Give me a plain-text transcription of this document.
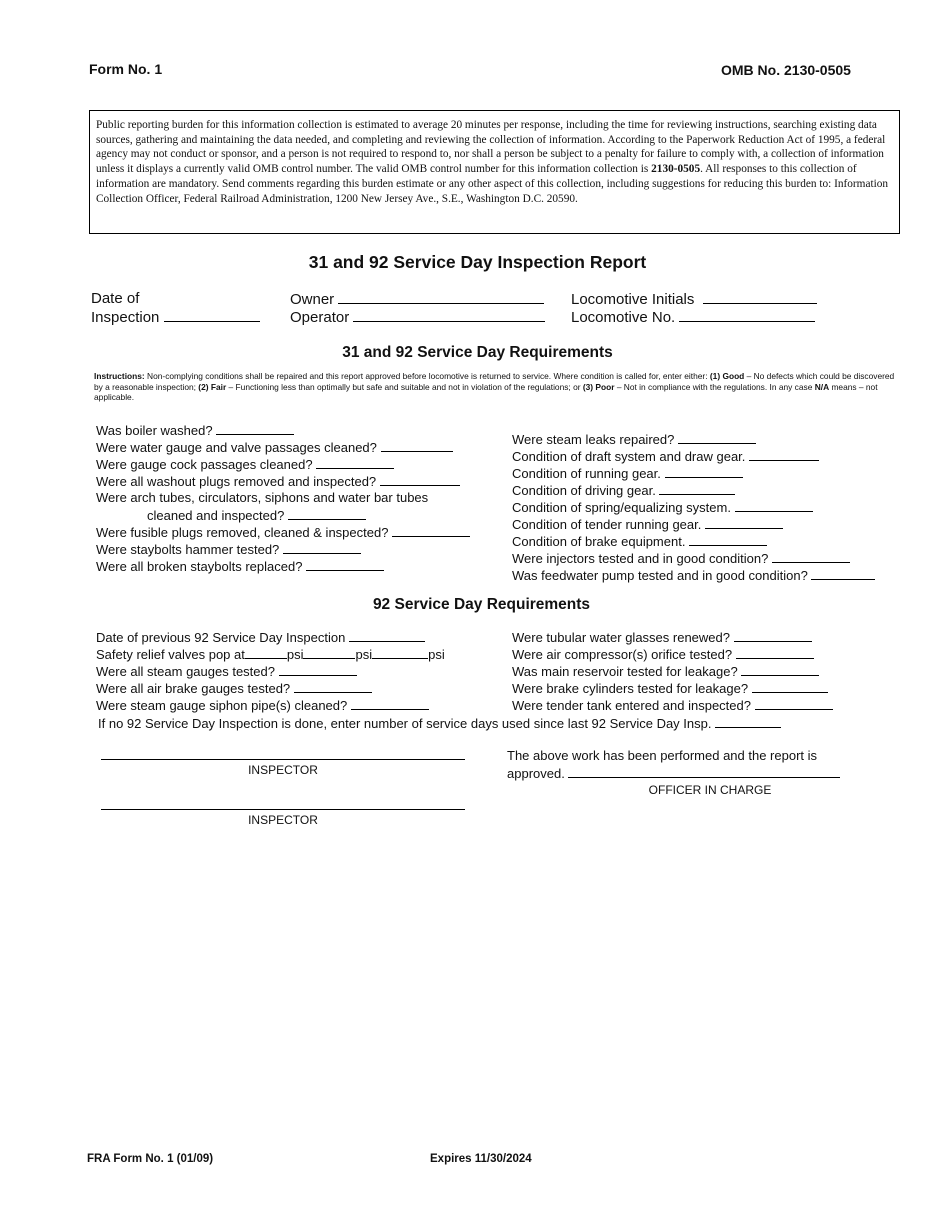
Form No. 1	OMB No. 2130-0505

Public reporting burden for this information collection is estimated to average 20 minutes per response, including the time for reviewing instructions, searching existing data sources, gathering and maintaining the data needed, and completing and reviewing the collection of information. According to the Paperwork Reduction Act of 1995, a federal agency may not conduct or sponsor, and a person is not required to respond to, nor shall a person be subject to a penalty for failure to comply with, a collection of information unless it displays a currently valid OMB control number. The valid OMB control number for this information collection is 2130-0505. All responses to this collection of information are mandatory. Send comments regarding this burden estimate or any other aspect of this collection, including suggestions for reducing this burden to: Information Collection Officer, Federal Railroad Administration, 1200 New Jersey Ave., S.E., Washington D.C. 20590.

31 and 92 Service Day Inspection Report
Date of
Inspection
Owner
Operator
Locomotive Initials
Locomotive No.
31 and 92 Service Day Requirements
Instructions: Non-complying conditions shall be repaired and this report approved before locomotive is returned to service. Where condition is called for, enter either: (1) Good – No defects which could be discovered by a reasonable inspection; (2) Fair – Functioning less than optimally but safe and suitable and not in violation of the regulations; or (3) Poor – Not in compliance with the regulations. In any case N/A means – not applicable.
Was boiler washed?
Were water gauge and valve passages cleaned?
Were gauge cock passages cleaned?
Were all washout plugs removed and inspected?
Were arch tubes, circulators, siphons and water bar tubes
cleaned and inspected?
Were fusible plugs removed, cleaned & inspected?
Were staybolts hammer tested?
Were all broken staybolts replaced?
Were steam leaks repaired?
Condition of draft system and draw gear.
Condition of running gear.
Condition of driving gear.
Condition of spring/equalizing system.
Condition of tender running gear.
Condition of brake equipment.
Were injectors tested and in good condition?
Was feedwater pump tested and in good condition?
92 Service Day Requirements
Date of previous 92 Service Day Inspection
Safety relief valves pop at	psi	psi	psi
Were all steam gauges tested?
Were all air brake gauges tested?
Were steam gauge siphon pipe(s) cleaned?
Were tubular water glasses renewed?
Were air compressor(s) orifice tested?
Was main reservoir tested for leakage?
Were brake cylinders tested for leakage?
Were tender tank entered and inspected?
If no 92 Service Day Inspection is done, enter number of service days used since last 92 Service Day Insp.
INSPECTOR
INSPECTOR
The above work has been performed and the report is
approved.
OFFICER IN CHARGE
FRA Form No. 1 (01/09)	Expires 11/30/2024
